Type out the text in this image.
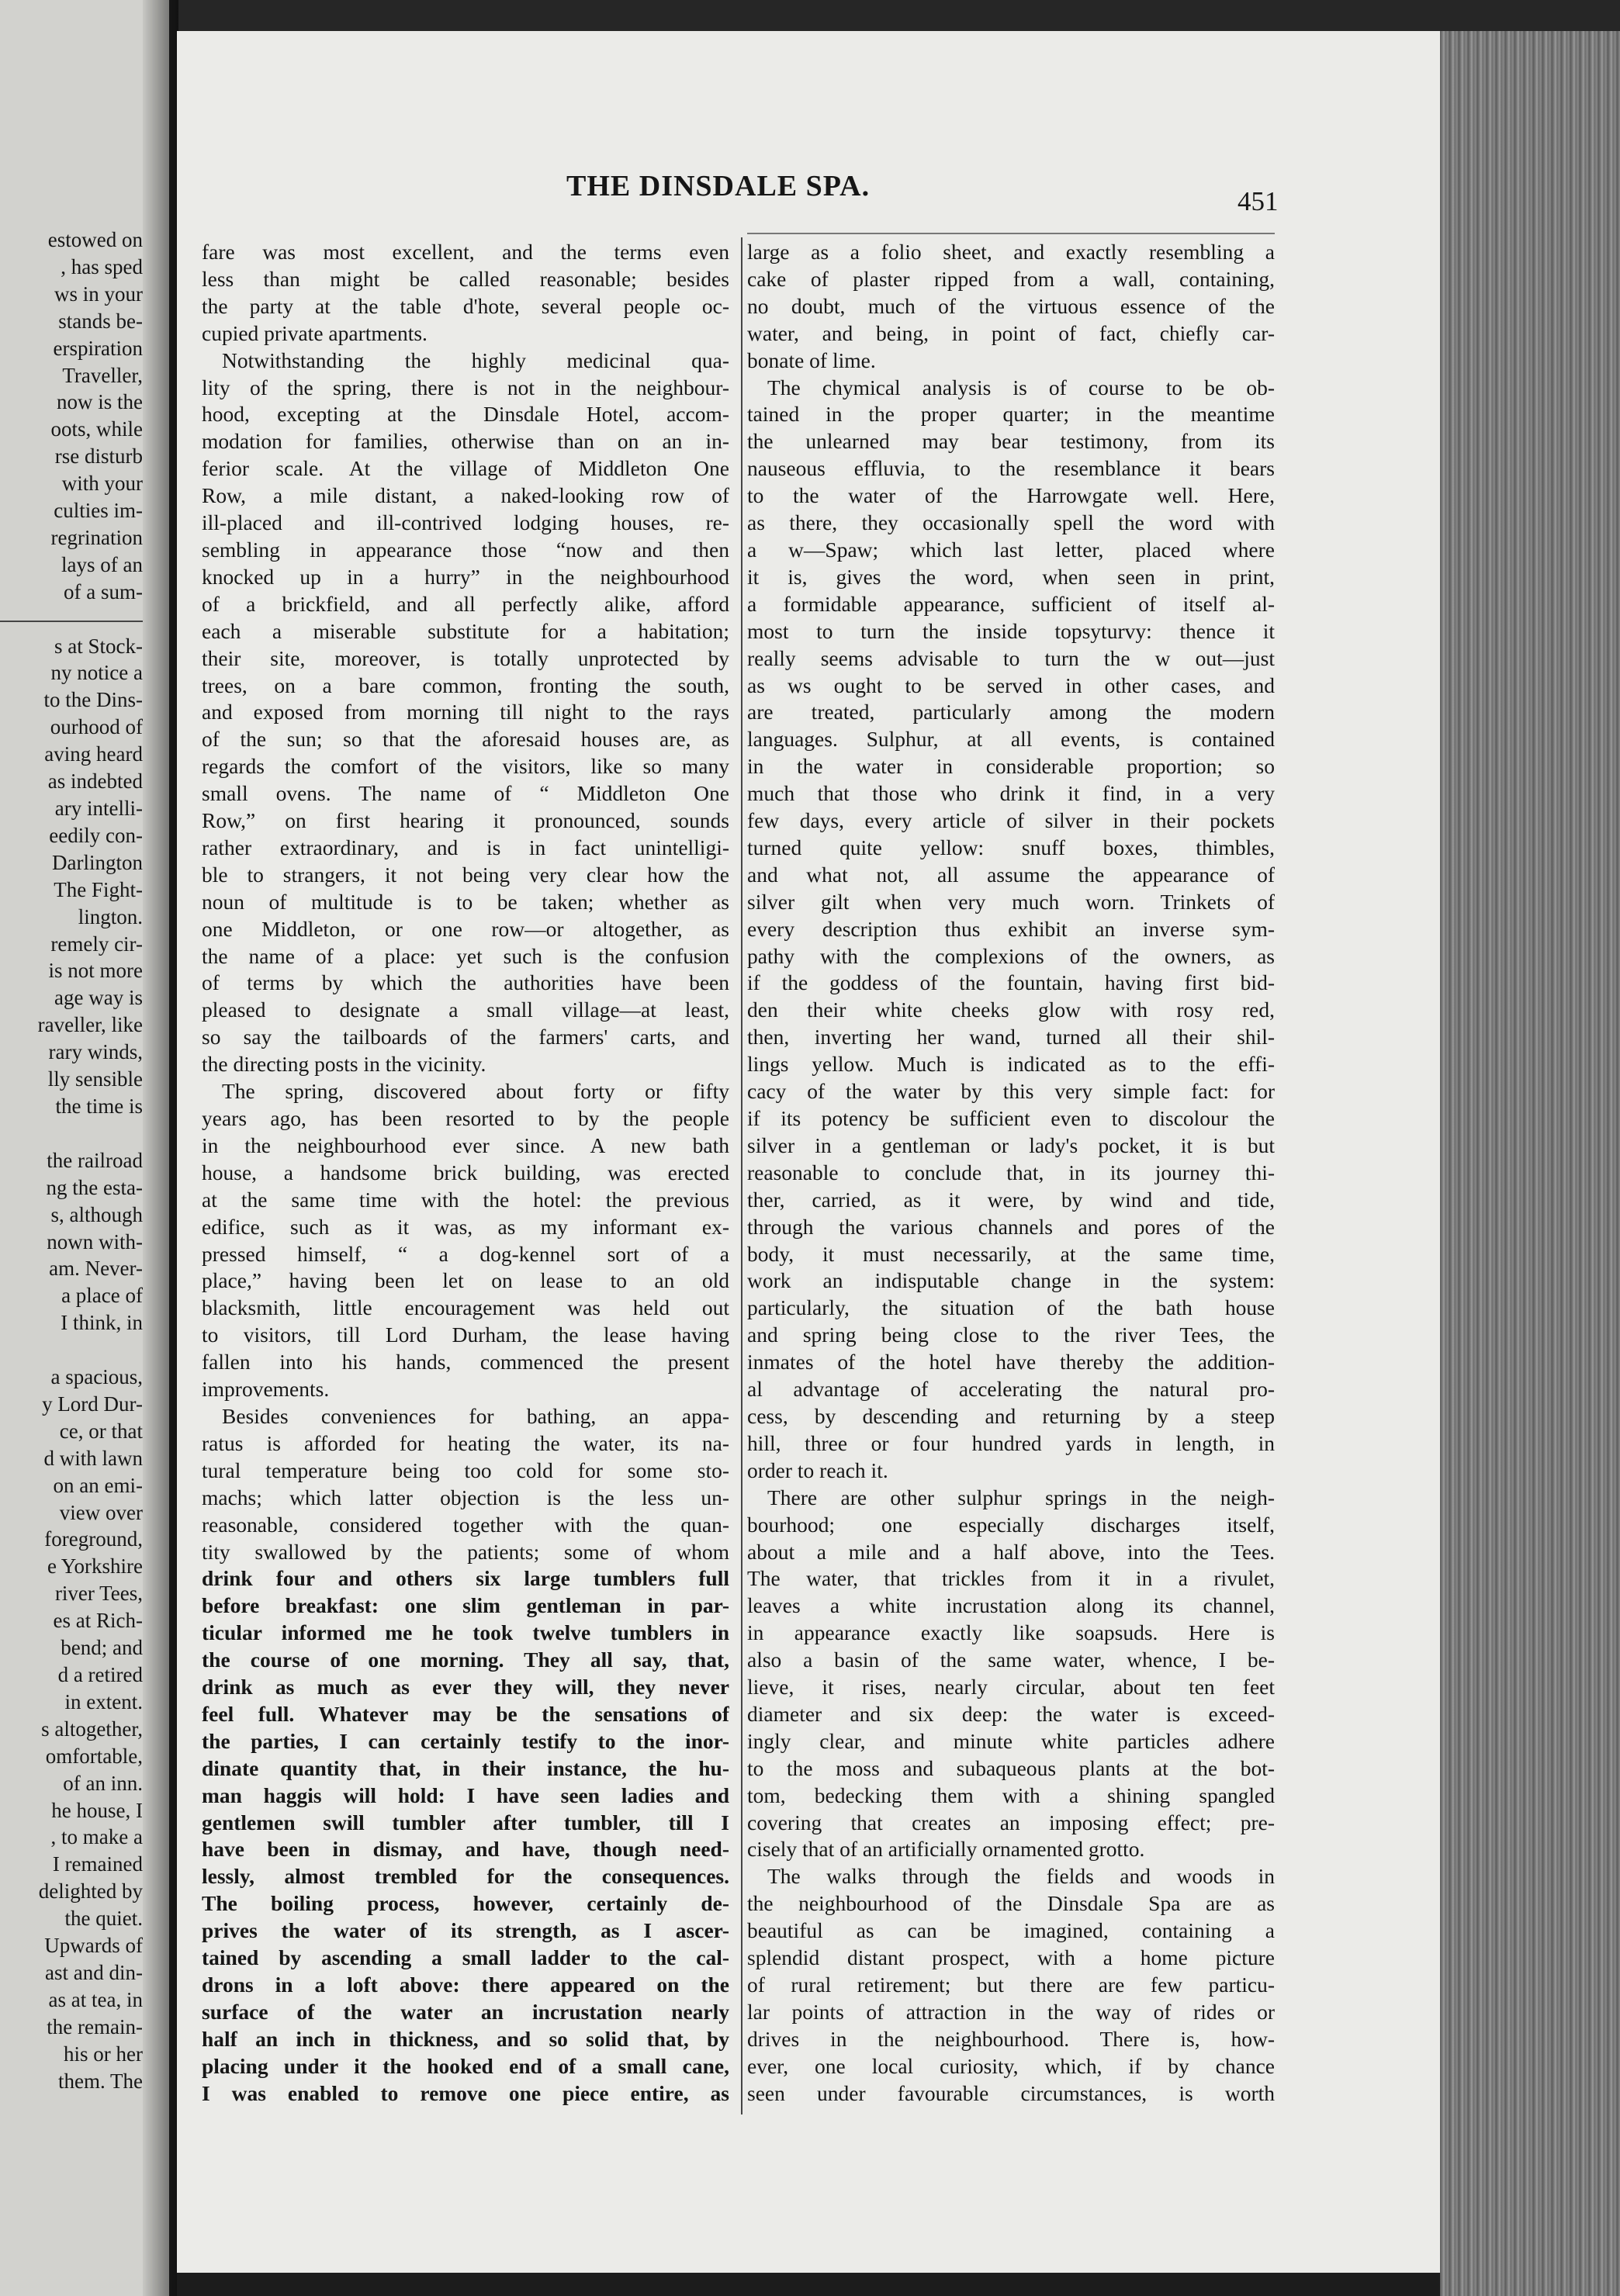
estowed on
, has sped
ws in your
stands be-
erspiration
Traveller,
now is the
oots, while
rse disturb
with your
culties im-
regrination
lays of an
of a sum-
s at Stock-
ny notice a
to the Dins-
ourhood of
aving heard
as indebted
ary intelli-
eedily con-
Darlington
The Fight-
lington.
remely cir-
is not more
age way is
raveller, like
rary winds,
lly sensible
the time is
the railroad
ng the esta-
s, although
nown with-
am. Never-
a place of
I think, in
a spacious,
y Lord Dur-
ce, or that
d with lawn
on an emi-
view over
foreground,
e Yorkshire
river Tees,
es at Rich-
bend; and
d a retired
in extent.
s altogether,
omfortable,
of an inn.
he house, I
, to make a
I remained
delighted by
the quiet.
Upwards of
ast and din-
as at tea, in
the remain-
his or her
them. The
THE DINSDALE SPA.	451
fare was most excellent, and the terms even
less than might be called reasonable; besides
the party at the table d'hote, several people oc-
cupied private apartments.
Notwithstanding the highly medicinal qua-
lity of the spring, there is not in the neighbour-
hood, excepting at the Dinsdale Hotel, accom-
modation for families, otherwise than on an in-
ferior scale. At the village of Middleton One
Row, a mile distant, a naked-looking row of
ill-placed and ill-contrived lodging houses, re-
sembling in appearance those “now and then
knocked up in a hurry” in the neighbourhood
of a brickfield, and all perfectly alike, afford
each a miserable substitute for a habitation;
their site, moreover, is totally unprotected by
trees, on a bare common, fronting the south,
and exposed from morning till night to the rays
of the sun; so that the aforesaid houses are, as
regards the comfort of the visitors, like so many
small ovens. The name of “ Middleton One
Row,” on first hearing it pronounced, sounds
rather extraordinary, and is in fact unintelligi-
ble to strangers, it not being very clear how the
noun of multitude is to be taken; whether as
one Middleton, or one row—or altogether, as
the name of a place: yet such is the confusion
of terms by which the authorities have been
pleased to designate a small village—at least,
so say the tailboards of the farmers' carts, and
the directing posts in the vicinity.
The spring, discovered about forty or fifty
years ago, has been resorted to by the people
in the neighbourhood ever since. A new bath
house, a handsome brick building, was erected
at the same time with the hotel: the previous
edifice, such as it was, as my informant ex-
pressed himself, “ a dog-kennel sort of a
place,” having been let on lease to an old
blacksmith, little encouragement was held out
to visitors, till Lord Durham, the lease having
fallen into his hands, commenced the present
improvements.
Besides conveniences for bathing, an appa-
ratus is afforded for heating the water, its na-
tural temperature being too cold for some sto-
machs; which latter objection is the less un-
reasonable, considered together with the quan-
tity swallowed by the patients; some of whom
drink four and others six large tumblers full
before breakfast: one slim gentleman in par-
ticular informed me he took twelve tumblers in
the course of one morning. They all say, that,
drink as much as ever they will, they never
feel full. Whatever may be the sensations of
the parties, I can certainly testify to the inor-
dinate quantity that, in their instance, the hu-
man haggis will hold: I have seen ladies and
gentlemen swill tumbler after tumbler, till I
have been in dismay, and have, though need-
lessly, almost trembled for the consequences.
The boiling process, however, certainly de-
prives the water of its strength, as I ascer-
tained by ascending a small ladder to the cal-
drons in a loft above: there appeared on the
surface of the water an incrustation nearly
half an inch in thickness, and so solid that, by
placing under it the hooked end of a small cane,
I was enabled to remove one piece entire, as
large as a folio sheet, and exactly resembling a
cake of plaster ripped from a wall, containing,
no doubt, much of the virtuous essence of the
water, and being, in point of fact, chiefly car-
bonate of lime.
The chymical analysis is of course to be ob-
tained in the proper quarter; in the meantime
the unlearned may bear testimony, from its
nauseous effluvia, to the resemblance it bears
to the water of the Harrowgate well. Here,
as there, they occasionally spell the word with
a w—Spaw; which last letter, placed where
it is, gives the word, when seen in print,
a formidable appearance, sufficient of itself al-
most to turn the inside topsyturvy: thence it
really seems advisable to turn the w out—just
as ws ought to be served in other cases, and
are treated, particularly among the modern
languages. Sulphur, at all events, is contained
in the water in considerable proportion; so
much that those who drink it find, in a very
few days, every article of silver in their pockets
turned quite yellow: snuff boxes, thimbles,
and what not, all assume the appearance of
silver gilt when very much worn. Trinkets of
every description thus exhibit an inverse sym-
pathy with the complexions of the owners, as
if the goddess of the fountain, having first bid-
den their white cheeks glow with rosy red,
then, inverting her wand, turned all their shil-
lings yellow. Much is indicated as to the effi-
cacy of the water by this very simple fact: for
if its potency be sufficient even to discolour the
silver in a gentleman or lady's pocket, it is but
reasonable to conclude that, in its journey thi-
ther, carried, as it were, by wind and tide,
through the various channels and pores of the
body, it must necessarily, at the same time,
work an indisputable change in the system:
particularly, the situation of the bath house
and spring being close to the river Tees, the
inmates of the hotel have thereby the addition-
al advantage of accelerating the natural pro-
cess, by descending and returning by a steep
hill, three or four hundred yards in length, in
order to reach it.
There are other sulphur springs in the neigh-
bourhood; one especially discharges itself,
about a mile and a half above, into the Tees.
The water, that trickles from it in a rivulet,
leaves a white incrustation along its channel,
in appearance exactly like soapsuds. Here is
also a basin of the same water, whence, I be-
lieve, it rises, nearly circular, about ten feet
diameter and six deep: the water is exceed-
ingly clear, and minute white particles adhere
to the moss and subaqueous plants at the bot-
tom, bedecking them with a shining spangled
covering that creates an imposing effect; pre-
cisely that of an artificially ornamented grotto.
The walks through the fields and woods in
the neighbourhood of the Dinsdale Spa are as
beautiful as can be imagined, containing a
splendid distant prospect, with a home picture
of rural retirement; but there are few particu-
lar points of attraction in the way of rides or
drives in the neighbourhood. There is, how-
ever, one local curiosity, which, if by chance
seen under favourable circumstances, is worth
